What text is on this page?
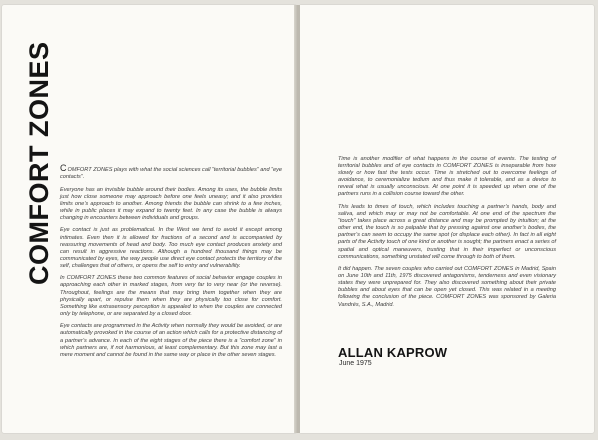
COMFORT ZONES COMFORT ZONES plays with what the social sciences call “territorial bubbles” and “eye contacts”.

Everyone has an invisible bubble around their bodies. Among its uses, the bubble limits just how close someone may approach before one feels uneasy; and it also provides limits one’s approach to another. Among friends the bubble can shrink to a few inches, while in public places it may expand to twenty feet. In any case the bubble is always changing in encounters between individuals and groups.

Eye contact is just as problematical. In the West we tend to avoid it except among intimates. Even then it is allowed for fractions of a second and is accompanied by reassuring movements of head and body. Too much eye contact produces anxiety and can result in aggressive reactions. Although a hundred thousand things may be communicated by eyes, the way people use direct eye contact protects the territory of the self, challenges that of others, or opens the self to entry and vulnerability.

In COMFORT ZONES these two common features of social behavior engage couples in approaching each other in marked stages, from very far to very near (or the reverse). Throughout, feelings are the means that may bring them together when they are physically apart, or repulse them when they are physically too close for comfort. Something like extrasensory perception is appealed to when the couples are connected only by telephone, or are separated by a closed door.

Eye contacts are programmed in the Activity when normally they would be avoided, or are automatically provoked in the course of an action which calls for a protective distancing of a partner’s advance. In each of the eight stages of the piece there is a “comfort zone” in which partners are, if not harmonious, at least complementary. But this zone may last a mere moment and cannot be found in the same way or place in the other seven stages.

Time is another modifier of what happens in the course of events. The testing of territorial bubbles and of eye contacts in COMFORT ZONES is inseparable from how slowly or how fast the tests occur. Time is stretched out to overcome feelings of avoidance, to ceremonialize tedium and thus make it tolerable, and as a device to reveal what is usually unconscious. At one point it is speeded up when one of the partners runs in a collision course toward the other.

This leads to times of touch, which includes touching a partner’s hands, body and saliva, and which may or may not be comfortable. At one end of the spectrum the “touch” takes place across a great distance and may be prompted by intuition; at the other end, the touch is so palpable that by pressing against one another’s bodies, the partner’s can seem to occupy the same spot (or displace each other). In fact in all eight parts of the Activity touch of one kind or another is sought; the partners enact a series of spatial and optical maneuvers, trusting that in their imperfect or unconscious communications, something unstated will come through to both of them.

It did happen. The seven couples who carried out COMFORT ZONES in Madrid, Spain on June 10th and 11th, 1975 discovered antagonisms, tenderness and even visionary states they were unprepared for. They also discovered something about their private bubbles and about eyes that can be open yet closed. This was related in a meeting following the conclusion of the piece. COMFORT ZONES was sponsored by Galeria Vandrés, S.A., Madrid.

ALLAN KAPROW
June 1975
